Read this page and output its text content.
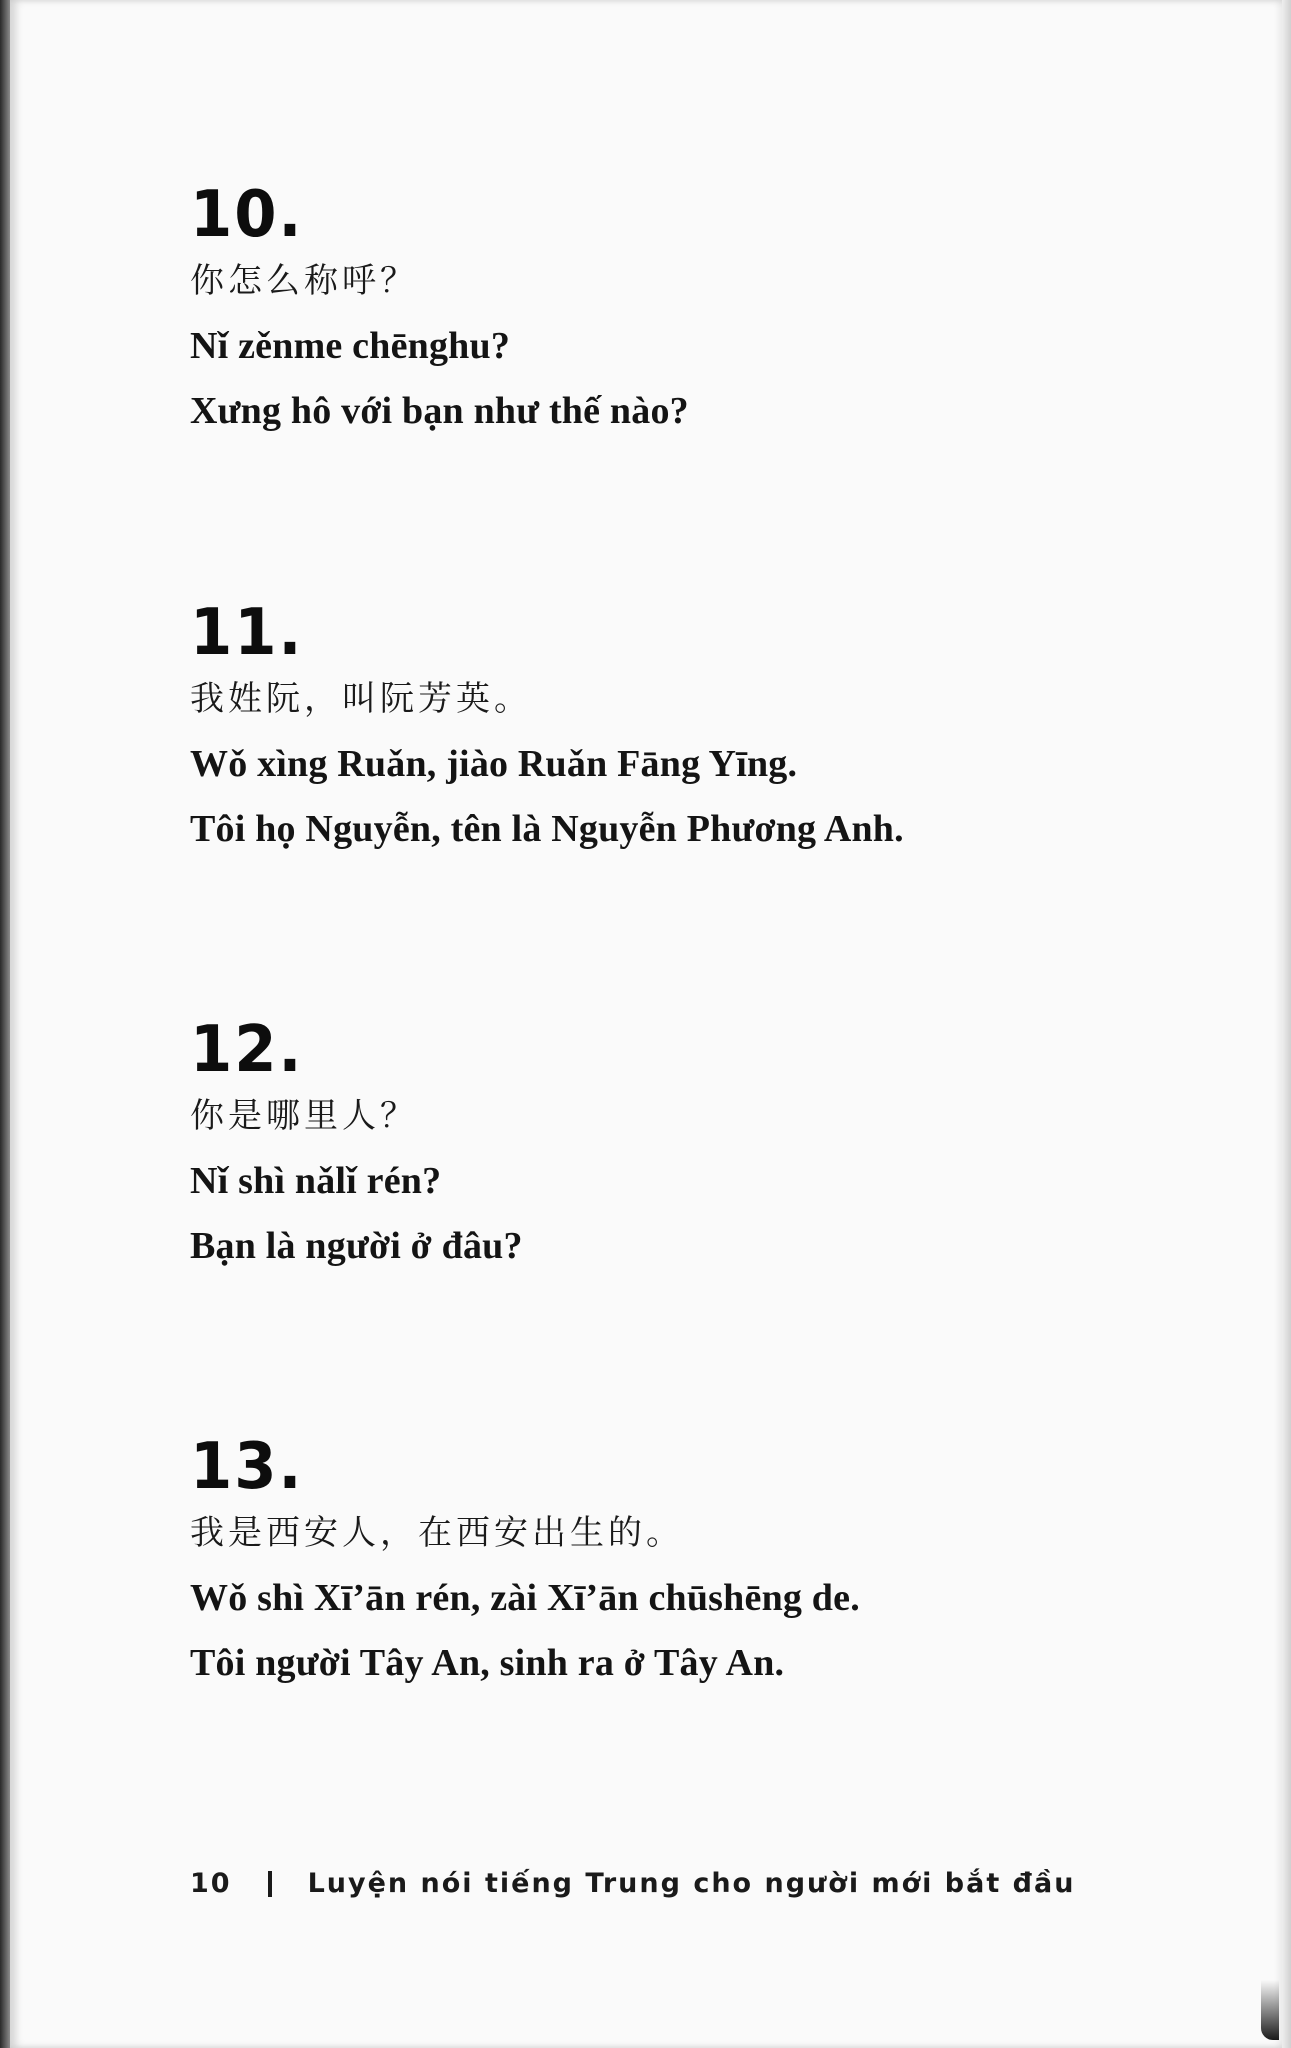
10.
你怎么称呼？
Nǐ zěnme chēnghu?
Xưng hô với bạn như thế nào?
11.
我姓阮，叫阮芳英。
Wǒ xìng Ruǎn, jiào Ruǎn Fāng Yīng.
Tôi họ Nguyễn, tên là Nguyễn Phương Anh.
12.
你是哪里人？
Nǐ shì nǎlǐ rén?
Bạn là người ở đâu?
13.
我是西安人，在西安出生的。
Wǒ shì Xī’ān rén, zài Xī’ān chūshēng de.
Tôi người Tây An, sinh ra ở Tây An.
10	Luyện nói tiếng Trung cho người mới bắt đầu
